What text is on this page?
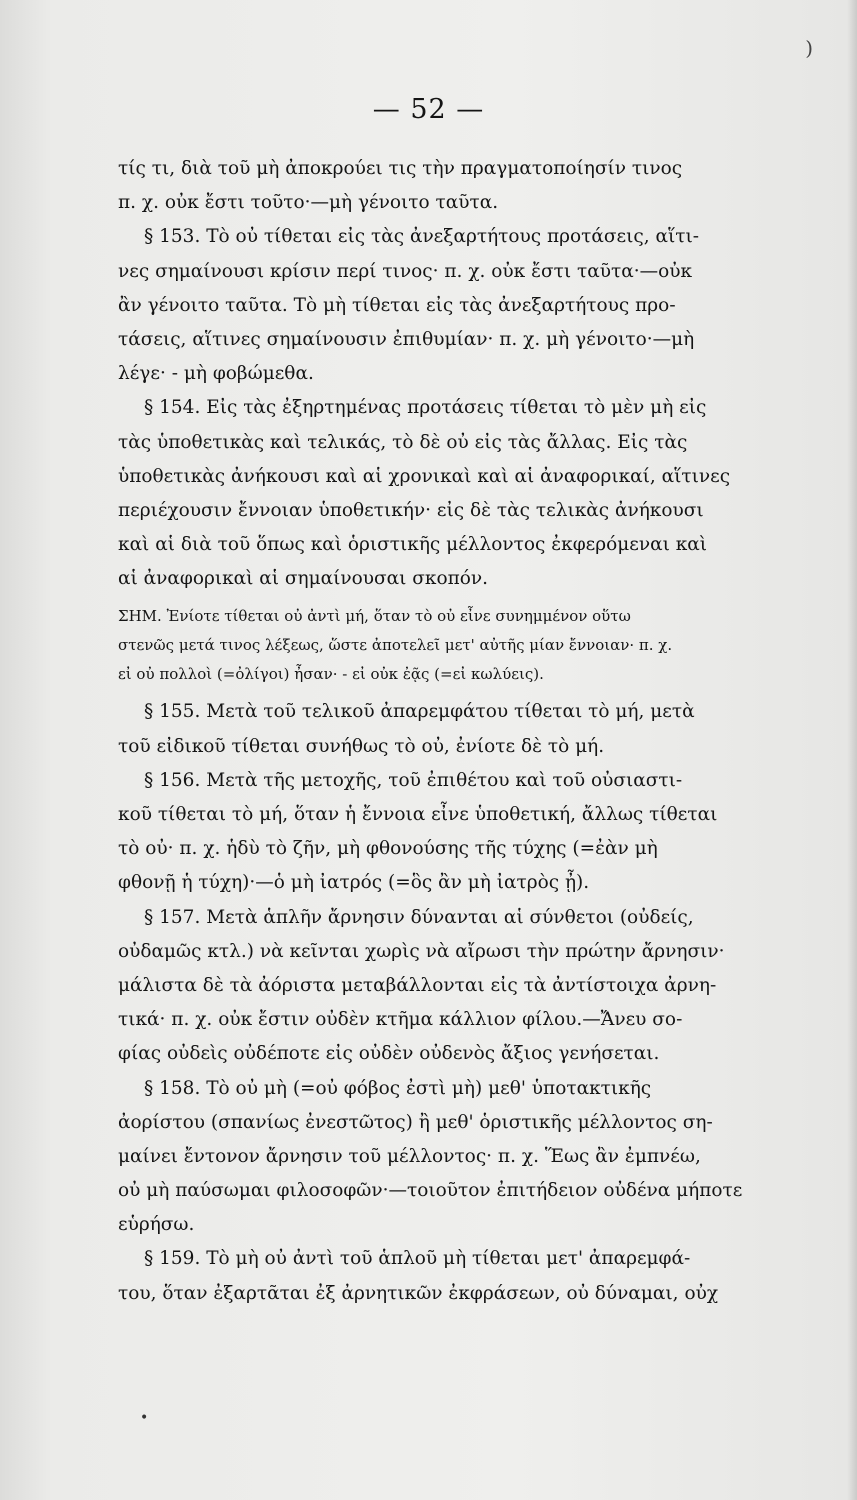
)
— 52 —
τίς τι, διὰ τοῦ μὴ ἀποκρούει τις τὴν πραγματοποίησίν τινος
π. χ. οὐκ ἔστι τοῦτο·—μὴ γένοιτο ταῦτα.
§ 153. Τὸ οὐ τίθεται εἰς τὰς ἀνεξαρτήτους προτάσεις, αἵτι-
νες σημαίνουσι κρίσιν περί τινος· π. χ. οὐκ ἔστι ταῦτα·—οὐκ
ἂν γένοιτο ταῦτα. Τὸ μὴ τίθεται εἰς τὰς ἀνεξαρτήτους προ-
τάσεις, αἵτινες σημαίνουσιν ἐπιθυμίαν· π. χ. μὴ γένοιτο·—μὴ
λέγε· - μὴ φοβώμεθα.
§ 154. Εἰς τὰς ἐξηρτημένας προτάσεις τίθεται τὸ μὲν μὴ εἰς
τὰς ὑποθετικὰς καὶ τελικάς, τὸ δὲ οὐ εἰς τὰς ἄλλας. Εἰς τὰς
ὑποθετικὰς ἀνήκουσι καὶ αἱ χρονικαὶ καὶ αἱ ἀναφορικαί, αἵτινες
περιέχουσιν ἔννοιαν ὑποθετικήν· εἰς δὲ τὰς τελικὰς ἀνήκουσι
καὶ αἱ διὰ τοῦ ὅπως καὶ ὁριστικῆς μέλλοντος ἐκφερόμεναι καὶ
αἱ ἀναφορικαὶ αἱ σημαίνουσαι σκοπόν.
ΣΗΜ. Ἐνίοτε τίθεται οὐ ἀντὶ μή, ὅταν τὸ οὐ εἶνε συνημμένον οὕτω
στενῶς μετά τινος λέξεως, ὥστε ἀποτελεῖ μετ' αὐτῆς μίαν ἔννοιαν· π. χ.
εἰ οὐ πολλοὶ (=ὀλίγοι) ἦσαν· - εἰ οὐκ ἐᾷς (=εἰ κωλύεις).
§ 155. Μετὰ τοῦ τελικοῦ ἀπαρεμφάτου τίθεται τὸ μή, μετὰ
τοῦ εἰδικοῦ τίθεται συνήθως τὸ οὐ, ἐνίοτε δὲ τὸ μή.
§ 156. Μετὰ τῆς μετοχῆς, τοῦ ἐπιθέτου καὶ τοῦ οὐσιαστι-
κοῦ τίθεται τὸ μή, ὅταν ἡ ἔννοια εἶνε ὑποθετική, ἄλλως τίθεται
τὸ οὐ· π. χ. ἡδὺ τὸ ζῆν, μὴ φθονούσης τῆς τύχης (=ἐὰν μὴ
φθονῇ ἡ τύχη)·—ὁ μὴ ἰατρός (=ὃς ἂν μὴ ἰατρὸς ᾖ).
§ 157. Μετὰ ἁπλῆν ἄρνησιν δύνανται αἱ σύνθετοι (οὐδείς,
οὐδαμῶς κτλ.) νὰ κεῖνται χωρὶς νὰ αἴρωσι τὴν πρώτην ἄρνησιν·
μάλιστα δὲ τὰ ἀόριστα μεταβάλλονται εἰς τὰ ἀντίστοιχα ἀρνη-
τικά· π. χ. οὐκ ἔστιν οὐδὲν κτῆμα κάλλιον φίλου.—Ἄνευ σο-
φίας οὐδεὶς οὐδέποτε εἰς οὐδὲν οὐδενὸς ἄξιος γενήσεται.
§ 158. Τὸ οὐ μὴ (=οὐ φόβος ἐστὶ μὴ) μεθ' ὑποτακτικῆς
ἀορίστου (σπανίως ἐνεστῶτος) ἢ μεθ' ὁριστικῆς μέλλοντος ση-
μαίνει ἔντονον ἄρνησιν τοῦ μέλλοντος· π. χ. Ἕως ἂν ἐμπνέω,
οὐ μὴ παύσωμαι φιλοσοφῶν·—τοιοῦτον ἐπιτήδειον οὐδένα μήποτε
εὑρήσω.
§ 159. Τὸ μὴ οὐ ἀντὶ τοῦ ἁπλοῦ μὴ τίθεται μετ' ἀπαρεμφά-
του, ὅταν ἐξαρτᾶται ἐξ ἀρνητικῶν ἐκφράσεων, οὐ δύναμαι, οὐχ
•
